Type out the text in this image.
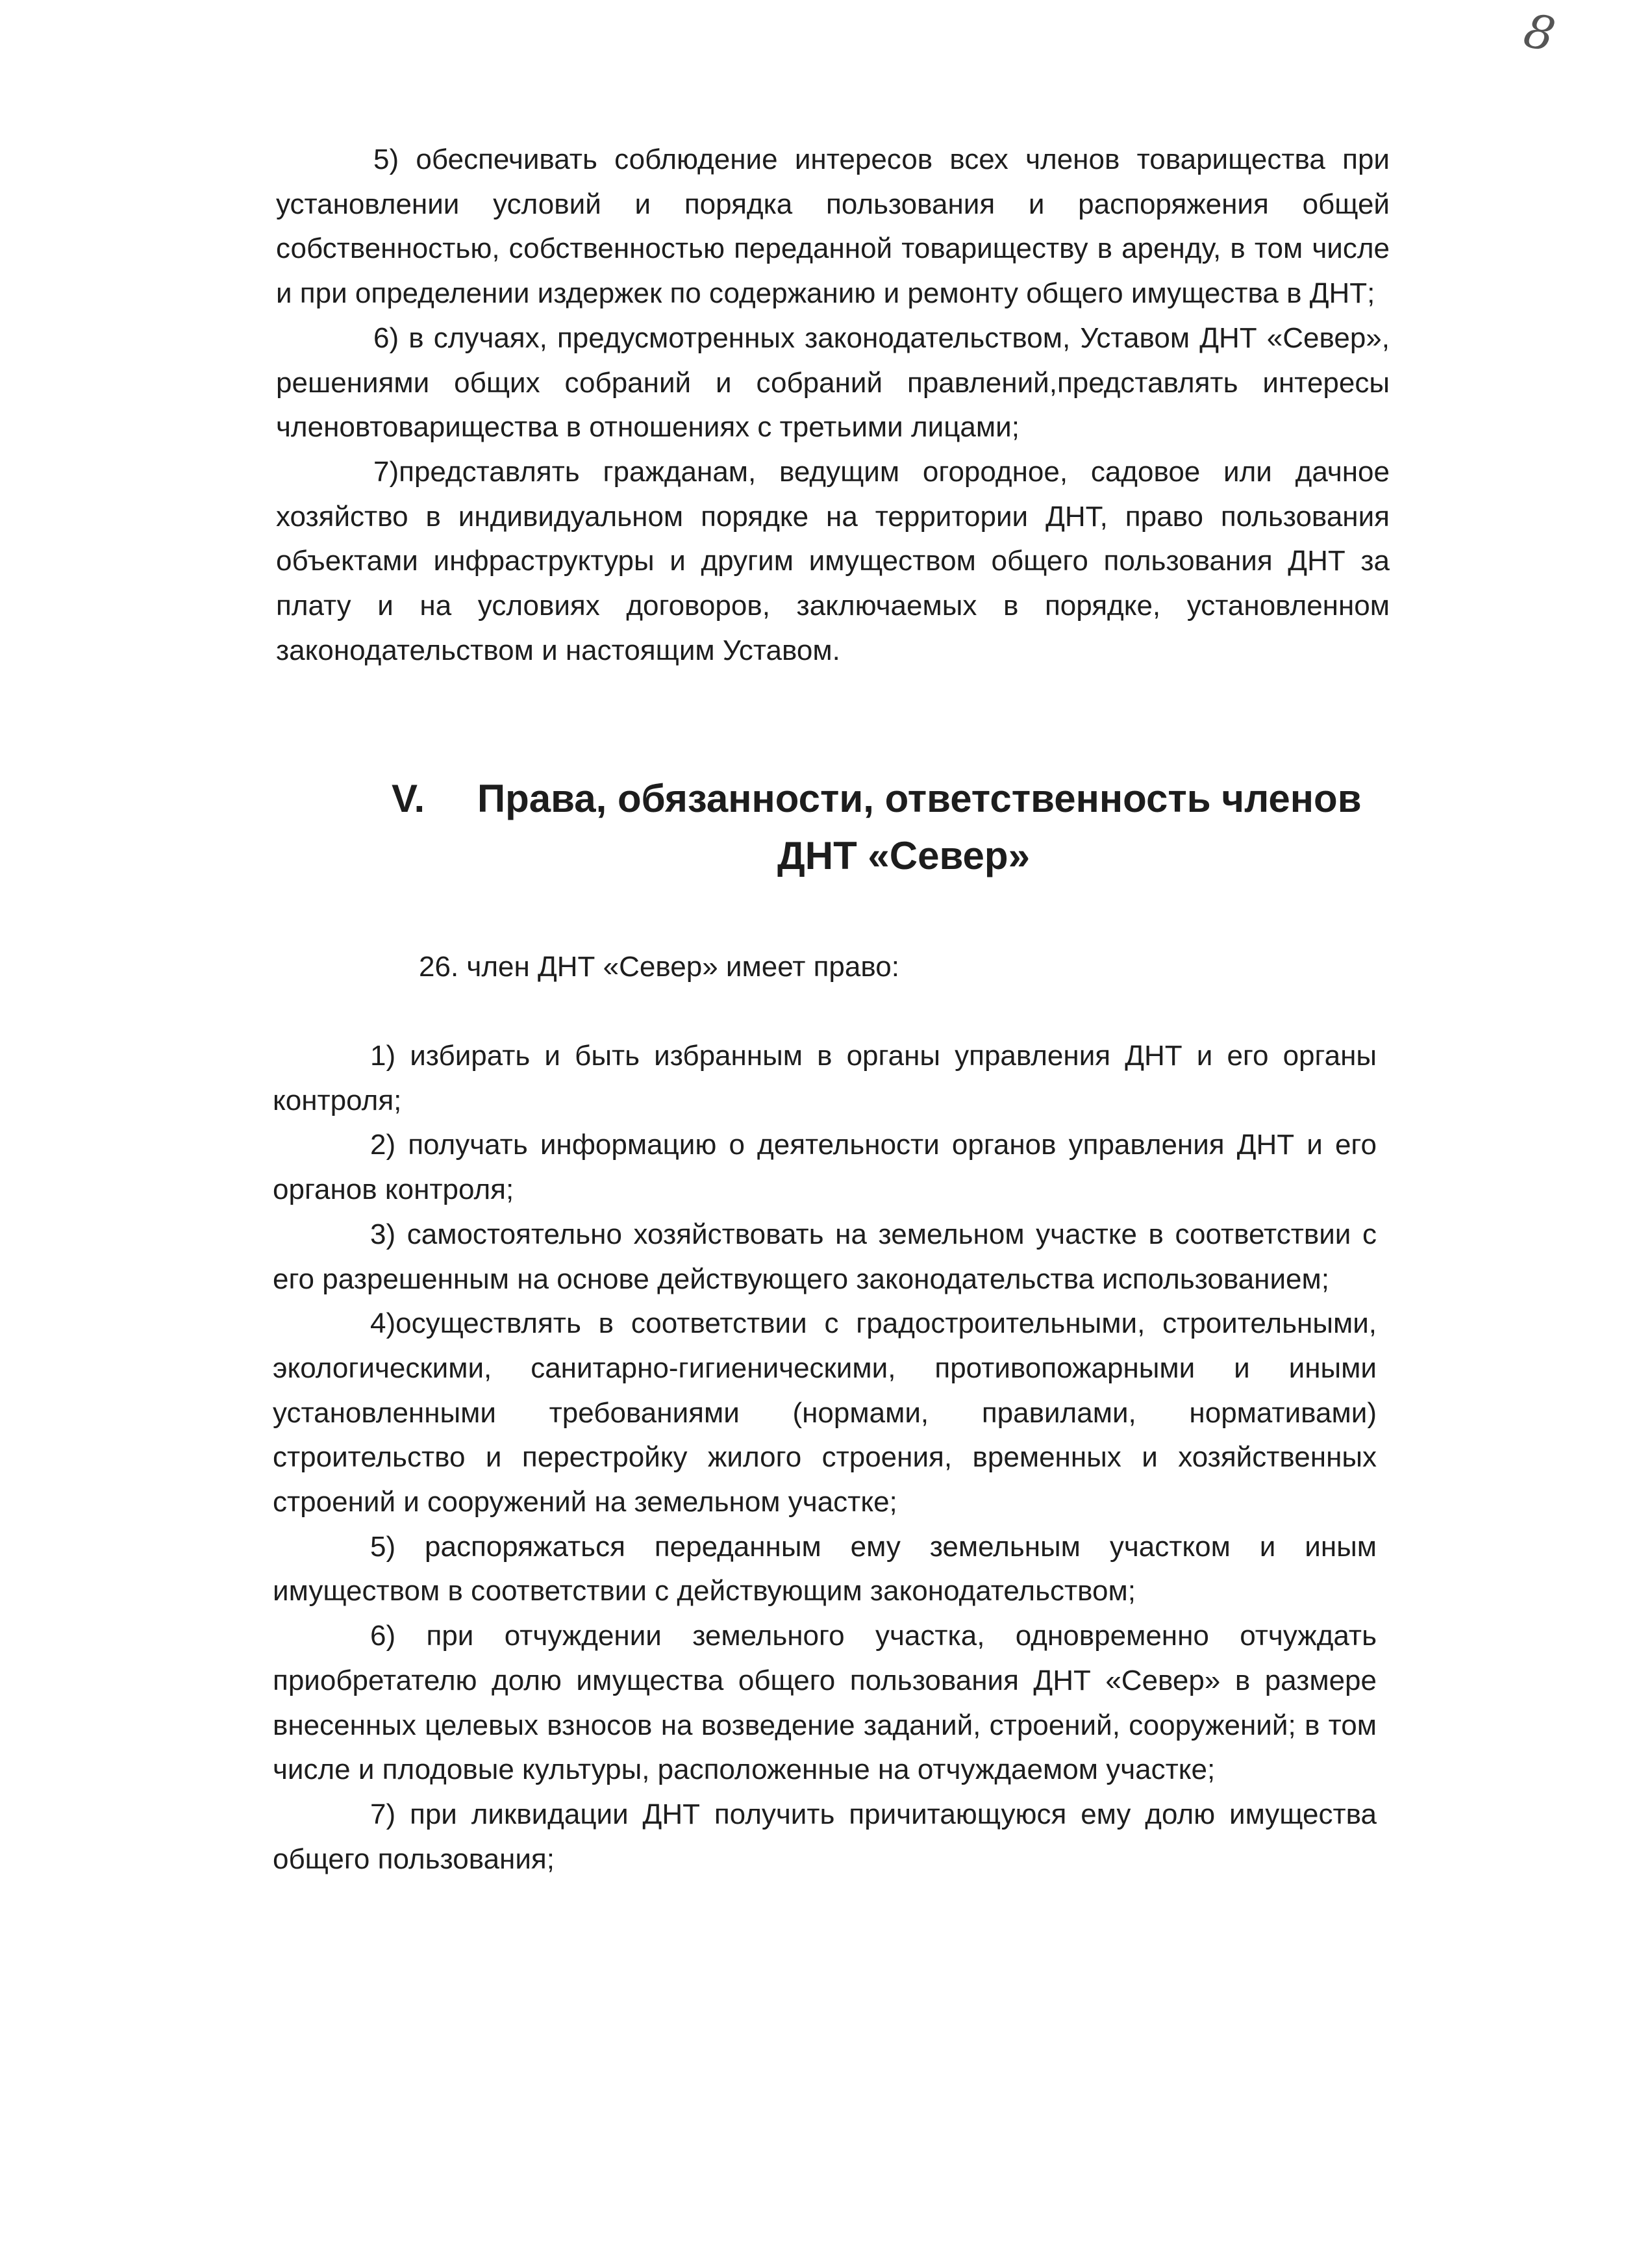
8

5) обеспечивать соблюдение интересов всех членов товарищества при установлении условий и порядка пользования и распоряжения общей собственностью, собственностью переданной товариществу в аренду, в том числе и при определении издержек по содержанию и ремонту общего имущества в ДНТ;

6) в случаях, предусмотренных законодательством, Уставом ДНТ «Север», решениями общих собраний и собраний правлений,представлять интересы членовтоварищества в отношениях с третьими лицами;

7)представлять гражданам, ведущим огородное, садовое или дачное хозяйство в индивидуальном порядке на территории ДНТ, право пользования объектами инфраструктуры и другим имуществом общего пользования ДНТ за плату и на условиях договоров, заключаемых в порядке, установленном законодательством и настоящим Уставом.

V. Права, обязанности, ответственность членов
ДНТ «Север»

26. член ДНТ «Север» имеет право:

1) избирать и быть избранным в органы управления ДНТ и его органы контроля;

2) получать информацию о деятельности органов управления ДНТ и его органов контроля;

3) самостоятельно хозяйствовать на земельном участке в соответствии с его разрешенным на основе действующего законодательства использованием;

4)осуществлять в соответствии с градостроительными, строительными, экологическими, санитарно-гигиеническими, противопожарными и иными установленными требованиями (нормами, правилами, нормативами) строительство и перестройку жилого строения, временных и хозяйственных строений и сооружений на земельном участке;

5) распоряжаться переданным ему земельным участком и иным имуществом в соответствии с действующим законодательством;

6) при отчуждении земельного участка, одновременно отчуждать приобретателю долю имущества общего пользования ДНТ «Север» в размере внесенных целевых взносов на возведение заданий, строений, сооружений; в том числе и плодовые культуры, расположенные на отчуждаемом участке;

7) при ликвидации ДНТ получить причитающуюся ему долю имущества общего пользования;
